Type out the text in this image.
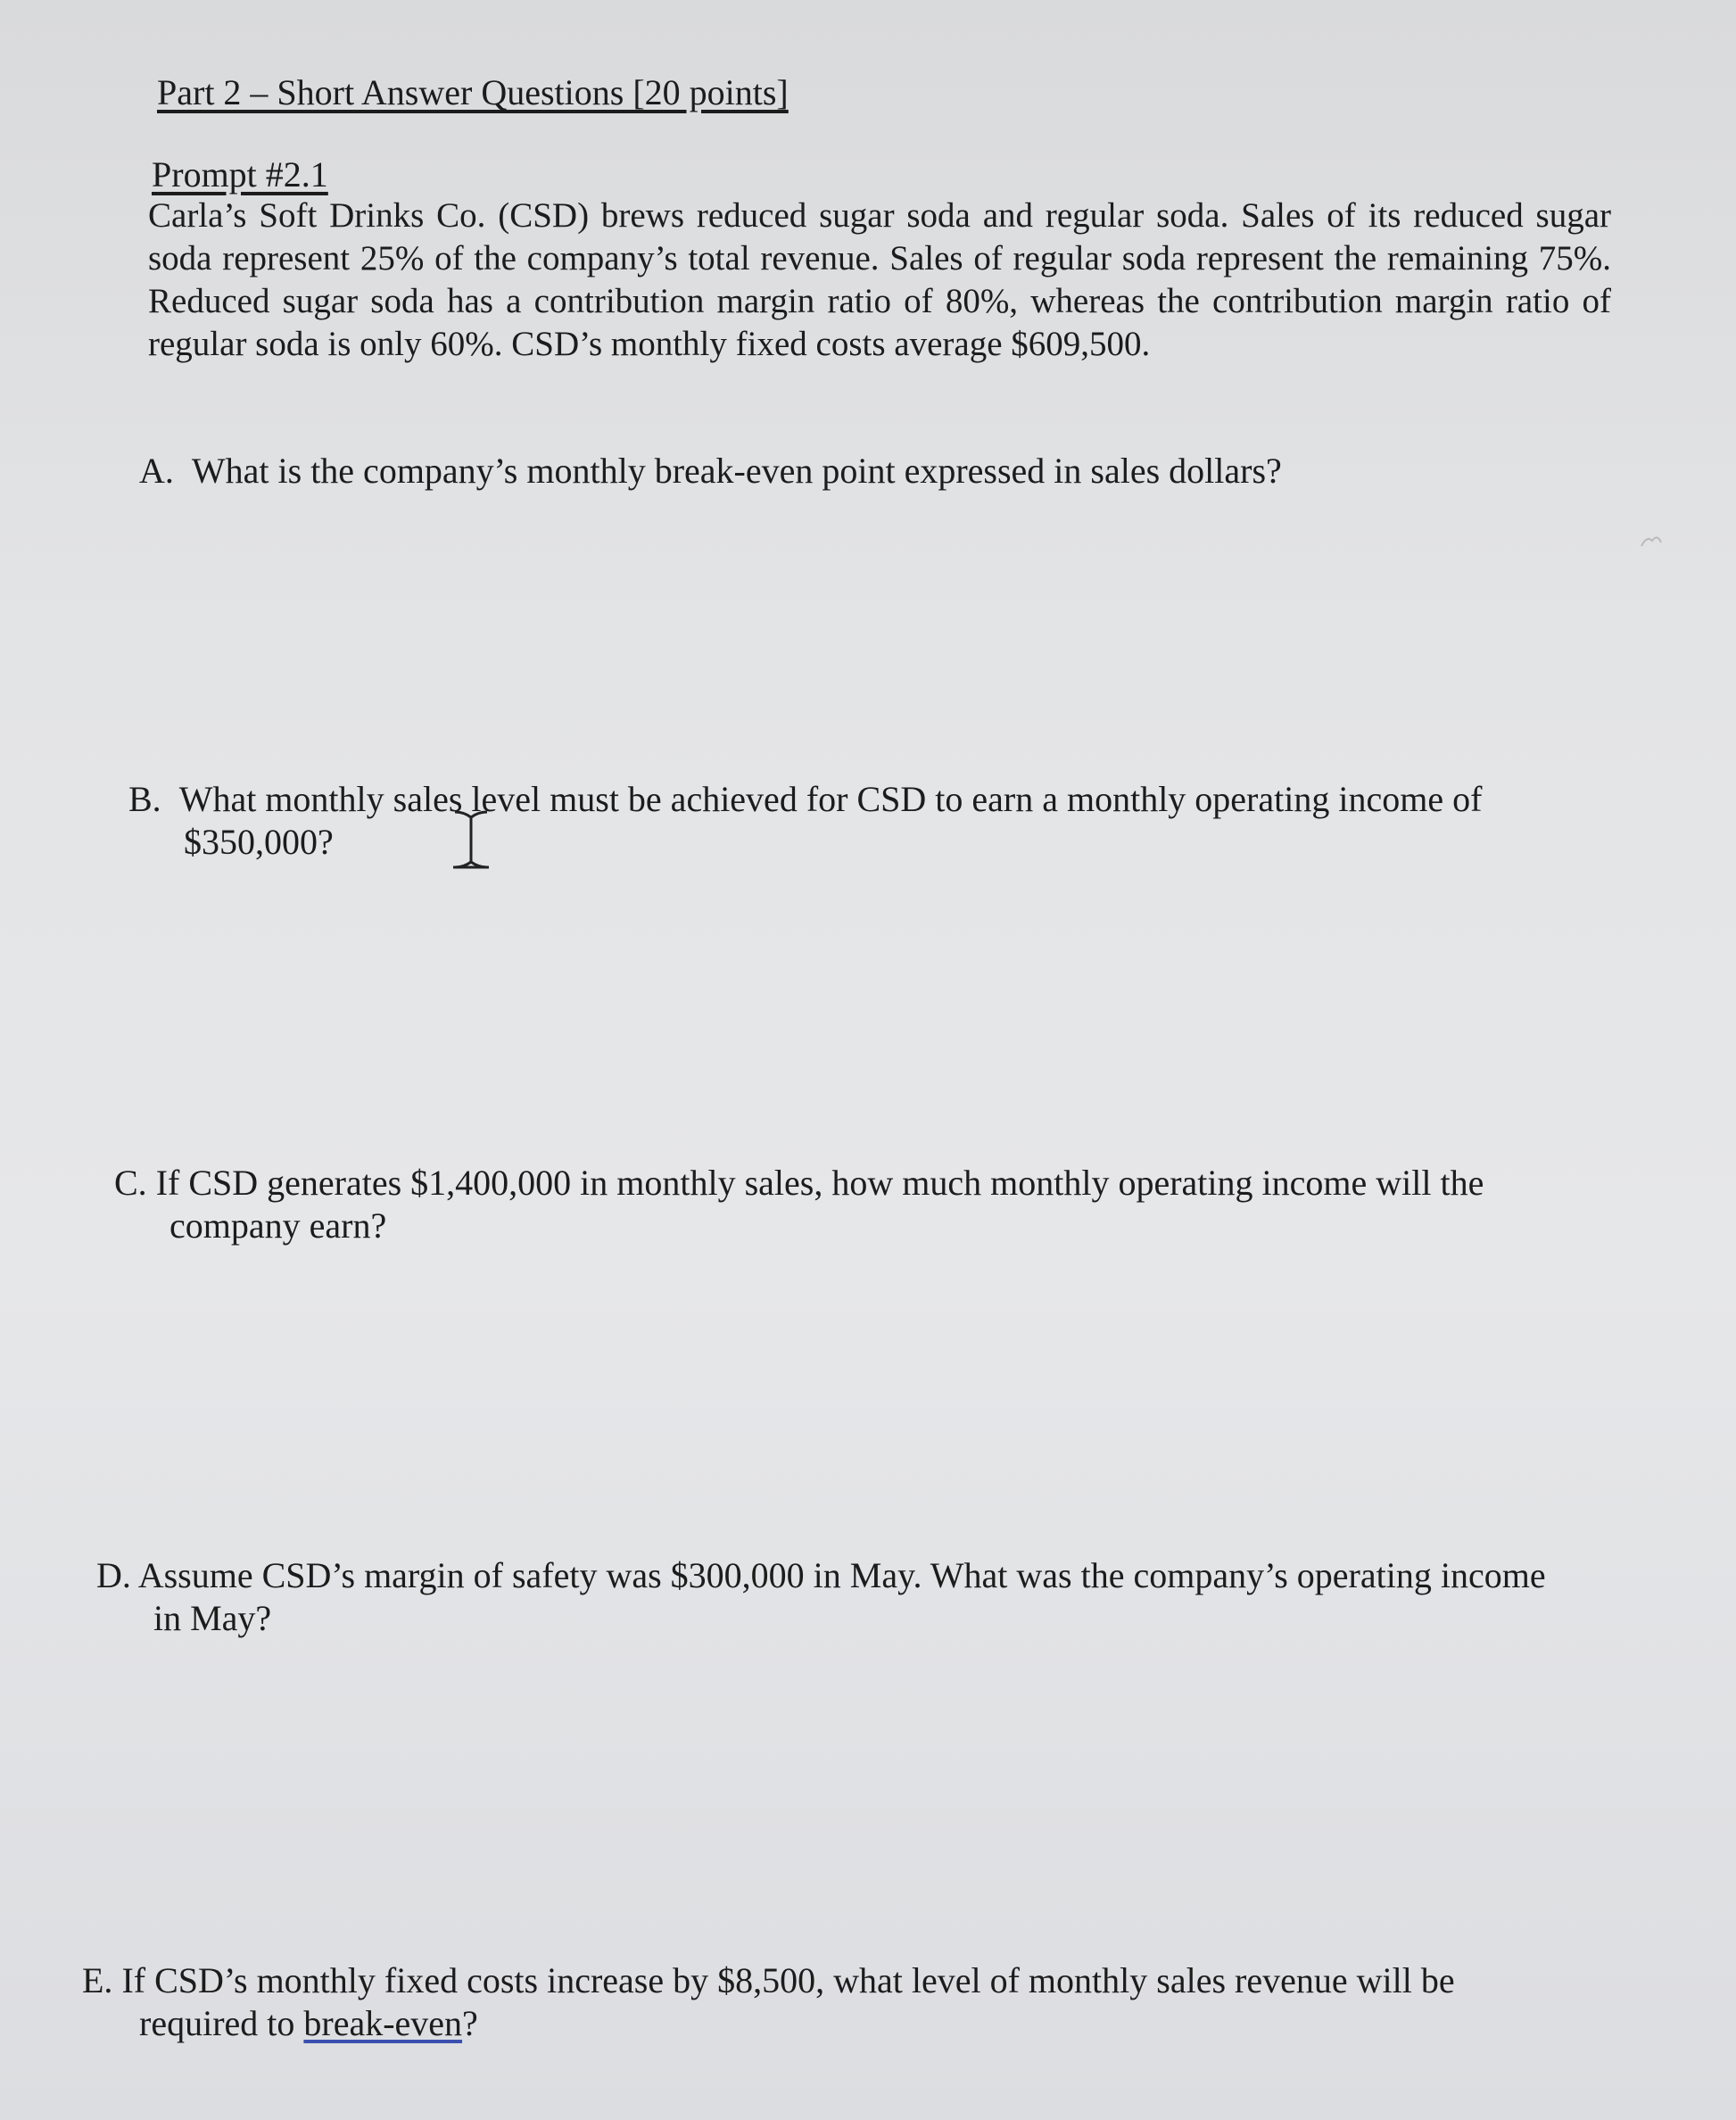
Part 2 – Short Answer Questions [20 points]
Prompt #2.1
Carla’s Soft Drinks Co. (CSD) brews reduced sugar soda and regular soda. Sales of its reduced sugar soda represent 25% of the company’s total revenue. Sales of regular soda represent the remaining 75%. Reduced sugar soda has a contribution margin ratio of 80%, whereas the contribution margin ratio of regular soda is only 60%. CSD’s monthly fixed costs average $609,500.
A. What is the company’s monthly break-even point expressed in sales dollars?
B. What monthly sales level must be achieved for CSD to earn a monthly operating income of
$350,000?
C. If CSD generates $1,400,000 in monthly sales, how much monthly operating income will the
company earn?
D. Assume CSD’s margin of safety was $300,000 in May. What was the company’s operating income
in May?
E. If CSD’s monthly fixed costs increase by $8,500, what level of monthly sales revenue will be
required to break-even?
